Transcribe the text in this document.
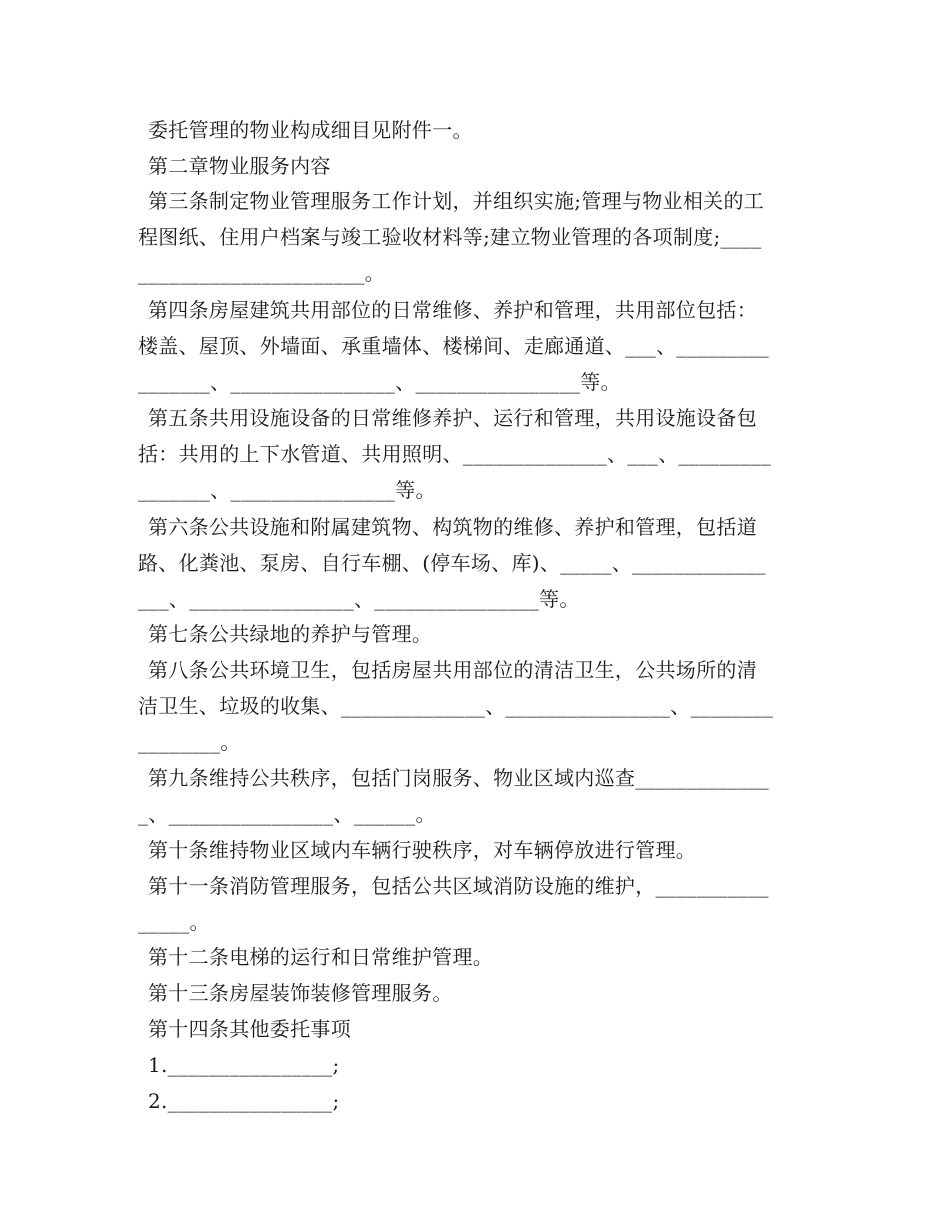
委托管理的物业构成细目见附件一。
第二章物业服务内容
第三条制定物业管理服务工作计划，并组织实施;管理与物业相关的工
程图纸、住用户档案与竣工验收材料等;建立物业管理的各项制度;____
______________________。
第四条房屋建筑共用部位的日常维修、养护和管理，共用部位包括：
楼盖、屋顶、外墙面、承重墙体、楼梯间、走廊通道、___、_________
_______、________________、________________等。
第五条共用设施设备的日常维修养护、运行和管理，共用设施设备包
括：共用的上下水管道、共用照明、______________、___、_________
_______、________________等。
第六条公共设施和附属建筑物、构筑物的维修、养护和管理，包括道
路、化粪池、泵房、自行车棚、(停车场、库)、_____、_____________
___、________________、________________等。
第七条公共绿地的养护与管理。
第八条公共环境卫生，包括房屋共用部位的清洁卫生，公共场所的清
洁卫生、垃圾的收集、______________、________________、________
________。
第九条维持公共秩序，包括门岗服务、物业区域内巡查_____________
_、________________、______。
第十条维持物业区域内车辆行驶秩序，对车辆停放进行管理。
第十一条消防管理服务，包括公共区域消防设施的维护，___________
_____。
第十二条电梯的运行和日常维护管理。
第十三条房屋装饰装修管理服务。
第十四条其他委托事项
1.________________;
2.________________;
